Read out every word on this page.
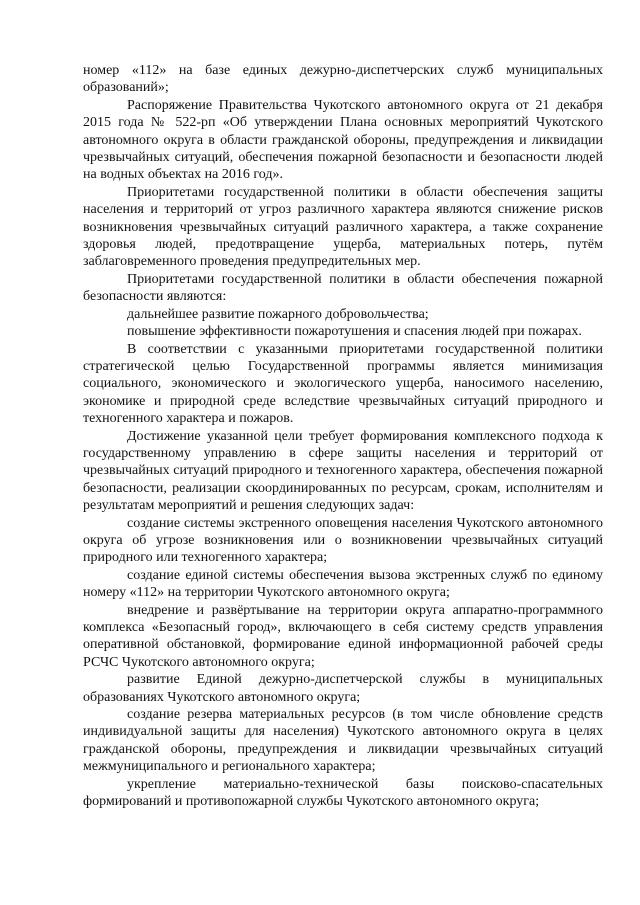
номер «112» на базе единых дежурно-диспетчерских служб муниципальных образований»;

Распоряжение Правительства Чукотского автономного округа от 21 декабря 2015 года № 522-рп «Об утверждении Плана основных мероприятий Чукотского автономного округа в области гражданской обороны, предупреждения и ликвидации чрезвычайных ситуаций, обеспечения пожарной безопасности и безопасности людей на водных объектах на 2016 год».

Приоритетами государственной политики в области обеспечения защиты населения и территорий от угроз различного характера являются снижение рисков возникновения чрезвычайных ситуаций различного характера, а также сохранение здоровья людей, предотвращение ущерба, материальных потерь, путём заблаговременного проведения предупредительных мер.

Приоритетами государственной политики в области обеспечения пожарной безопасности являются:

дальнейшее развитие пожарного добровольчества;

повышение эффективности пожаротушения и спасения людей при пожарах.

В соответствии с указанными приоритетами государственной политики стратегической целью Государственной программы является минимизация социального, экономического и экологического ущерба, наносимого населению, экономике и природной среде вследствие чрезвычайных ситуаций природного и техногенного характера и пожаров.

Достижение указанной цели требует формирования комплексного подхода к государственному управлению в сфере защиты населения и территорий от чрезвычайных ситуаций природного и техногенного характера, обеспечения пожарной безопасности, реализации скоординированных по ресурсам, срокам, исполнителям и результатам мероприятий и решения следующих задач:

создание системы экстренного оповещения населения Чукотского автономного округа об угрозе возникновения или о возникновении чрезвычайных ситуаций природного или техногенного характера;

создание единой системы обеспечения вызова экстренных служб по единому номеру «112» на территории Чукотского автономного округа;

внедрение и развёртывание на территории округа аппаратно-программного комплекса «Безопасный город», включающего в себя систему средств управления оперативной обстановкой, формирование единой информационной рабочей среды РСЧС Чукотского автономного округа;

развитие Единой дежурно-диспетчерской службы в муниципальных образованиях Чукотского автономного округа;

создание резерва материальных ресурсов (в том числе обновление средств индивидуальной защиты для населения) Чукотского автономного округа в целях гражданской обороны, предупреждения и ликвидации чрезвычайных ситуаций межмуниципального и регионального характера;

укрепление материально-технической базы поисково-спасательных формирований и противопожарной службы Чукотского автономного округа;
